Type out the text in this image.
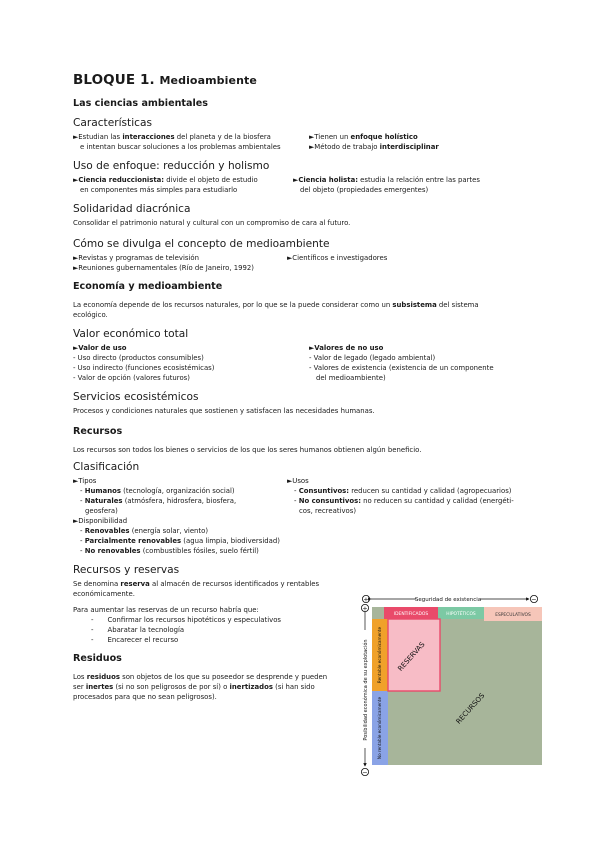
BLOQUE 1. Medioambiente
Las ciencias ambientales
Características
►Estudian las interacciones del planeta y de la biosfera
e intentan buscar soluciones a los problemas ambientales
►Tienen un enfoque holístico
►Método de trabajo interdisciplinar
Uso de enfoque: reducción y holismo
►Ciencia reduccionista: divide el objeto de estudio
en componentes más simples para estudiarlo
►Ciencia holista: estudia la relación entre las partes
del objeto (propiedades emergentes)
Solidaridad diacrónica
Consolidar el patrimonio natural y cultural con un compromiso de cara al futuro.
Cómo se divulga el concepto de medioambiente
►Revistas y programas de televisión
►Reuniones gubernamentales (Río de Janeiro, 1992)
►Científicos e investigadores
Economía y medioambiente
La economía depende de los recursos naturales, por lo que se la puede considerar como un subsistema del sistema
ecológico.
Valor económico total
►Valor de uso
- Uso directo (productos consumibles)
- Uso indirecto (funciones ecosistémicas)
- Valor de opción (valores futuros)
►Valores de no uso
- Valor de legado (legado ambiental)
- Valores de existencia (existencia de un componente
del medioambiente)
Servicios ecosistémicos
Procesos y condiciones naturales que sostienen y satisfacen las necesidades humanas.
Recursos
Los recursos son todos los bienes o servicios de los que los seres humanos obtienen algún beneficio.
Clasificación
►Tipos
- Humanos (tecnología, organización social)
- Naturales (atmósfera, hidrosfera, biosfera,
geosfera)
►Usos
- Consuntivos: reducen su cantidad y calidad (agropecuarios)
- No consuntivos: no reducen su cantidad y calidad (energéti-
cos, recreativos)
►Disponibilidad
- Renovables (energía solar, viento)
- Parcialmente renovables (agua limpia, biodiversidad)
- No renovables (combustibles fósiles, suelo fértil)
Recursos y reservas
Se denomina reserva al almacén de recursos identificados y rentables
económicamente.
Para aumentar las reservas de un recurso habría que:
- Confirmar los recursos hipotéticos y especulativos
- Abaratar la tecnología
- Encarecer el recurso
Residuos
Los residuos son objetos de los que su poseedor se desprende y pueden
ser inertes (si no son peligrosos de por sí) o inertizados (si han sido
procesados para que no sean peligrosos).
+	Seguridad de existencia	−
Posibilidad económica de su explotación
+
−
IDENTIFICADOS	HIPOTÉTICOS	ESPECULATIVOS
Rentable económicamente
No rentable económicamente
RESERVAS
RECURSOS
